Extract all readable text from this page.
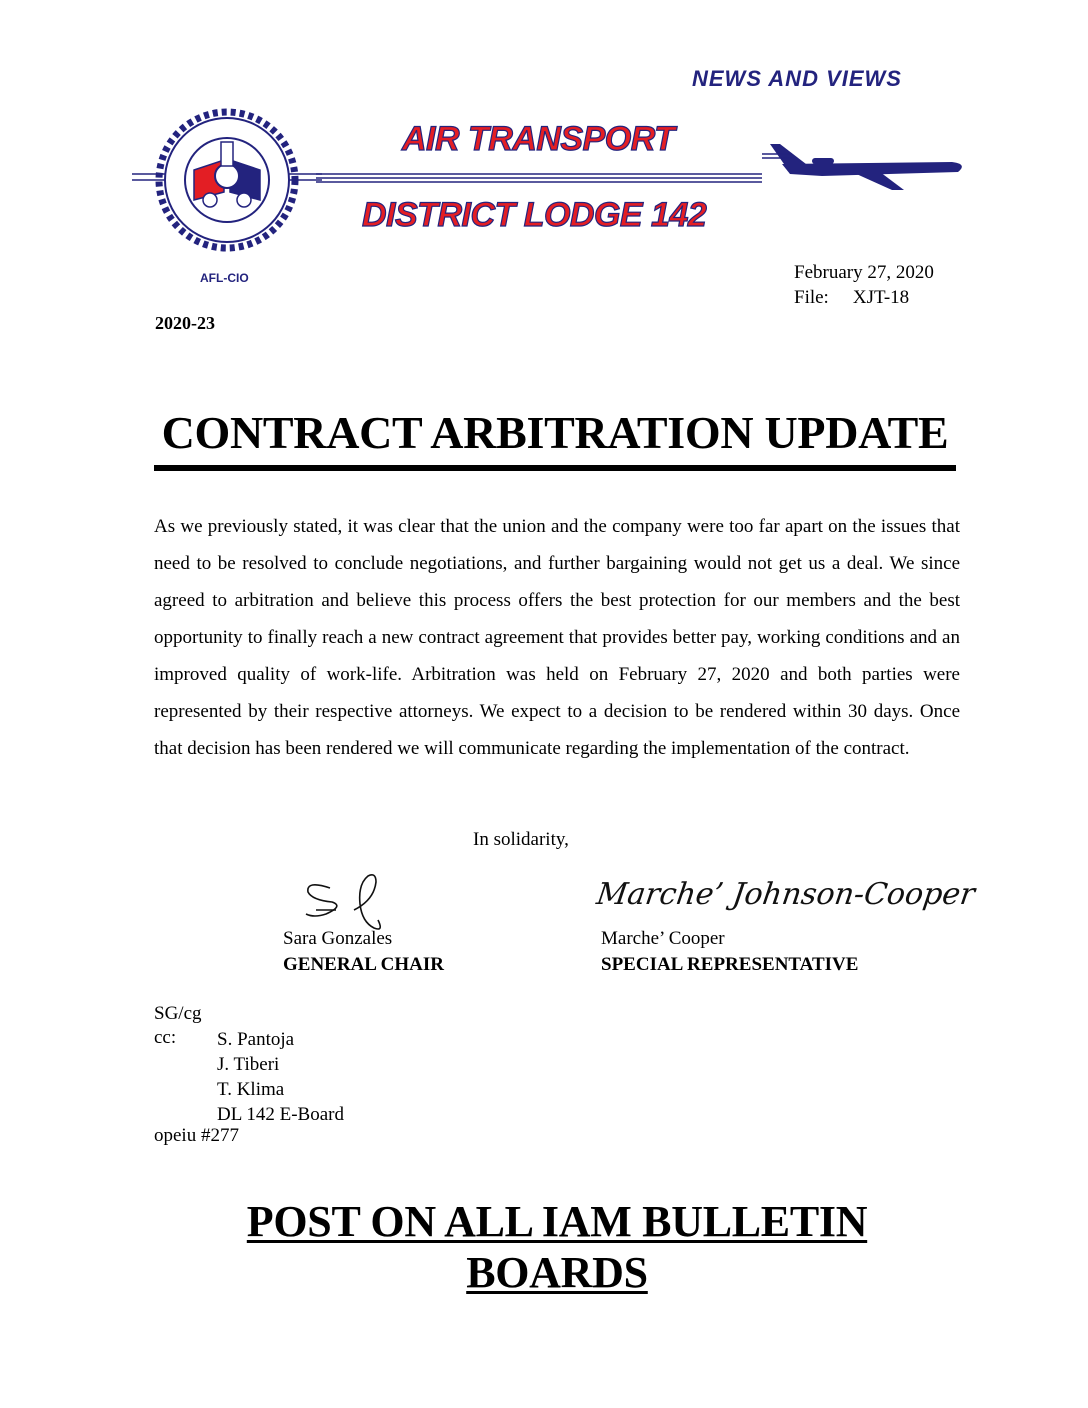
NEWS AND VIEWS
AFL-CIO
AIR TRANSPORT
DISTRICT LODGE 142
February 27, 2020
File: XJT-18
2020-23
CONTRACT ARBITRATION UPDATE
As we previously stated, it was clear that the union and the company were too far apart on the issues that need to be resolved to conclude negotiations, and further bargaining would not get us a deal. We since agreed to arbitration and believe this process offers the best protection for our members and the best opportunity to finally reach a new contract agreement that provides better pay, working conditions and an improved quality of work-life. Arbitration was held on February 27, 2020 and both parties were represented by their respective attorneys. We expect to a decision to be rendered within 30 days. Once that decision has been rendered we will communicate regarding the implementation of the contract.
In solidarity,
Marche’ Johnson-Cooper
Sara Gonzales
GENERAL CHAIR
Marche’ Cooper
SPECIAL REPRESENTATIVE
SG/cg
cc: S. Pantoja
J. Tiberi
T. Klima
DL 142 E-Board
opeiu #277
POST ON ALL IAM BULLETIN BOARDS
